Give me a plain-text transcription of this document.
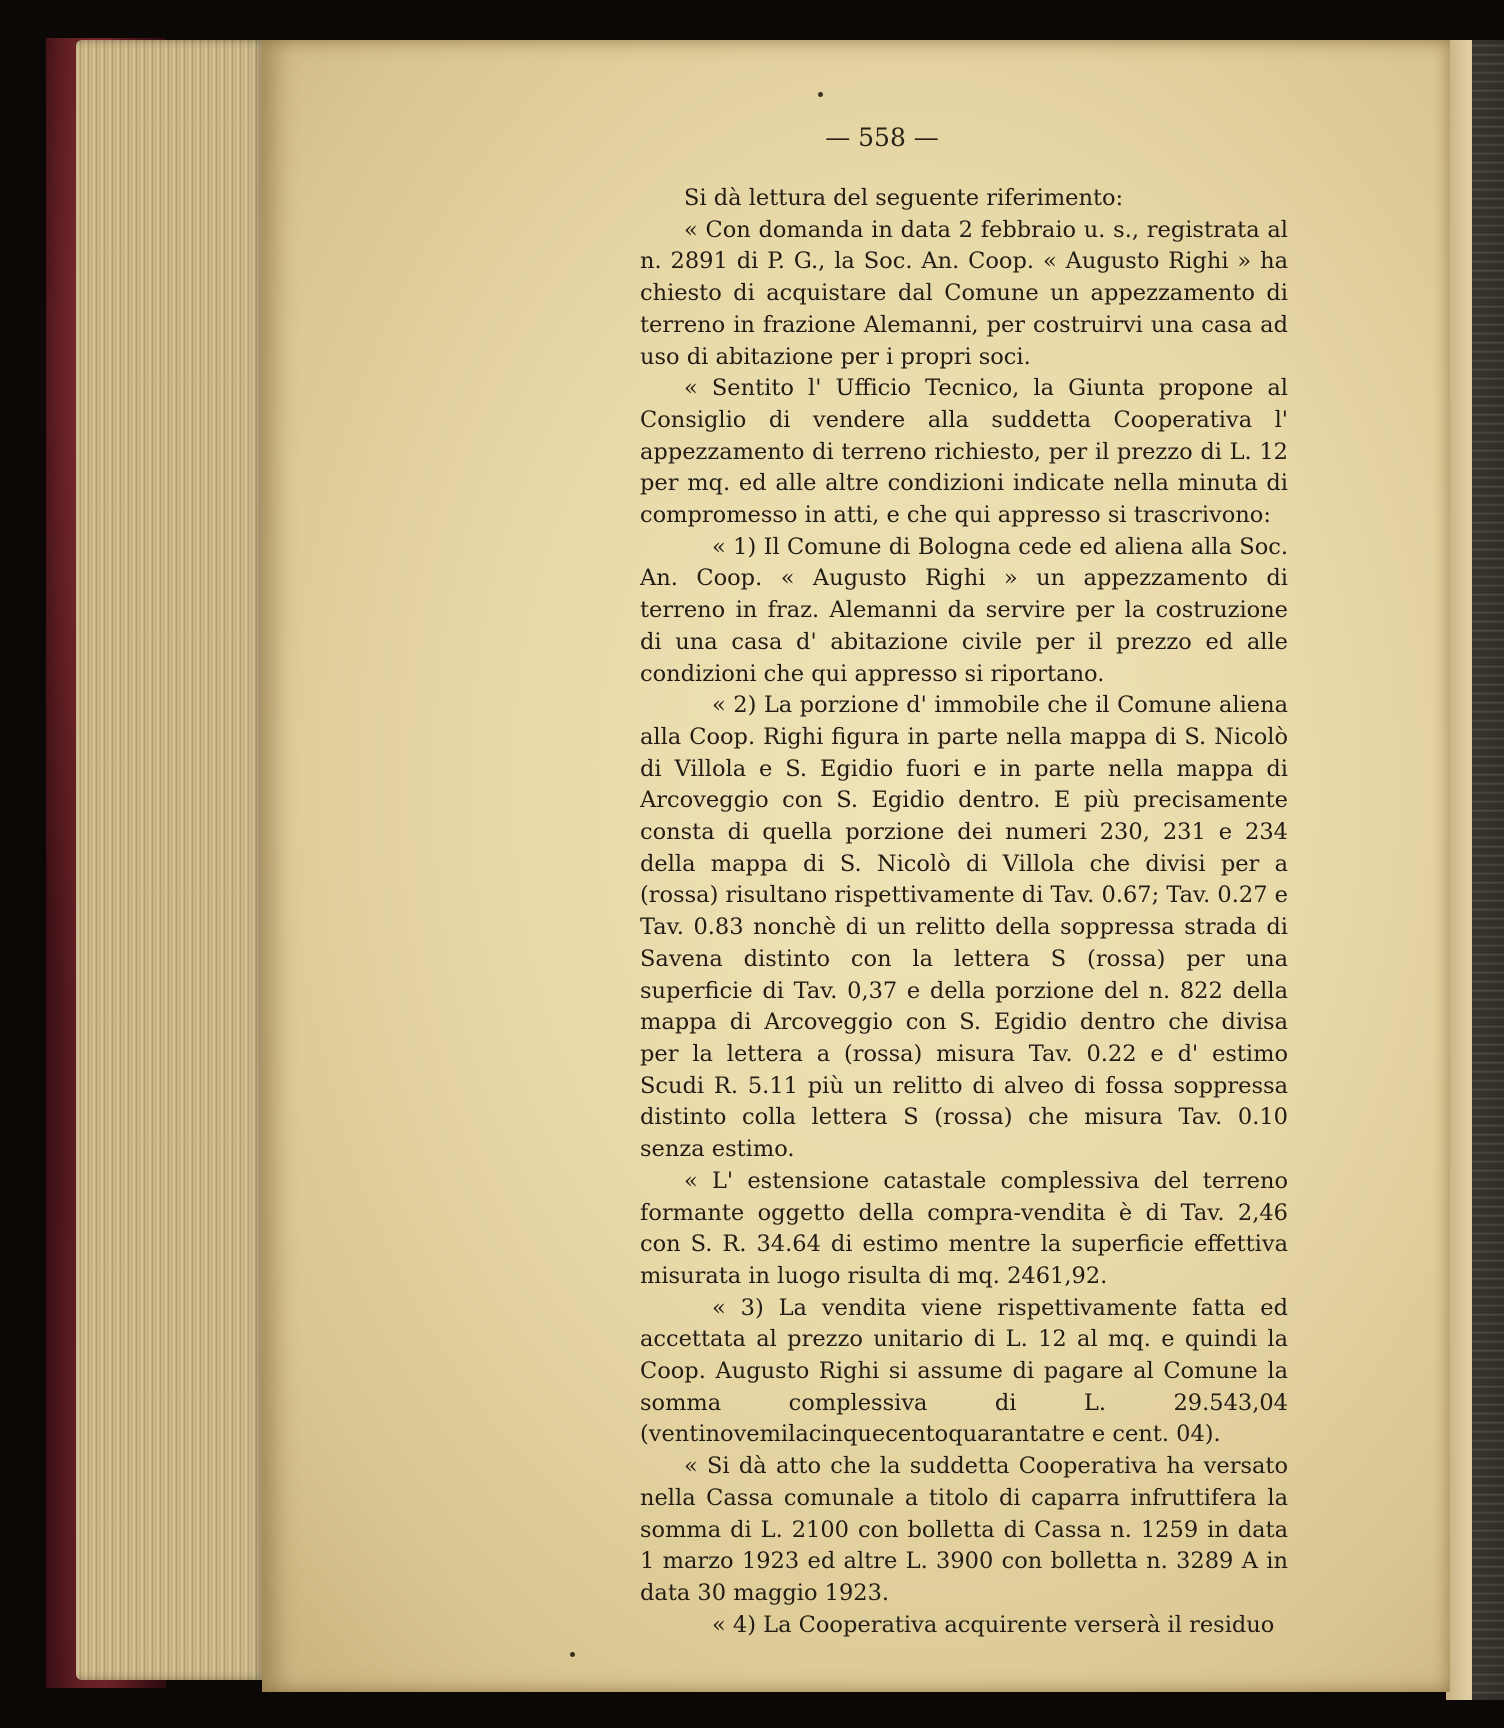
— 558 —

Si dà lettura del seguente riferimento:

« Con domanda in data 2 febbraio u. s., registrata al n. 2891 di P. G., la Soc. An. Coop. « Augusto Righi » ha chiesto di acquistare dal Comune un appezzamento di terreno in frazione Alemanni, per costruirvi una casa ad uso di abitazione per i propri soci.

« Sentito l' Ufficio Tecnico, la Giunta propone al Consiglio di vendere alla suddetta Cooperativa l' appezzamento di terreno richiesto, per il prezzo di L. 12 per mq. ed alle altre condizioni indicate nella minuta di compromesso in atti, e che qui appresso si trascrivono:

« 1) Il Comune di Bologna cede ed aliena alla Soc. An. Coop. « Augusto Righi » un appezzamento di terreno in fraz. Alemanni da servire per la costruzione di una casa d' abitazione civile per il prezzo ed alle condizioni che qui appresso si riportano.

« 2) La porzione d' immobile che il Comune aliena alla Coop. Righi figura in parte nella mappa di S. Nicolò di Villola e S. Egidio fuori e in parte nella mappa di Arcoveggio con S. Egidio dentro. E più precisamente consta di quella porzione dei numeri 230, 231 e 234 della mappa di S. Nicolò di Villola che divisi per a (rossa) risultano rispettivamente di Tav. 0.67; Tav. 0.27 e Tav. 0.83 nonchè di un relitto della soppressa strada di Savena distinto con la lettera S (rossa) per una superficie di Tav. 0,37 e della porzione del n. 822 della mappa di Arcoveggio con S. Egidio dentro che divisa per la lettera a (rossa) misura Tav. 0.22 e d' estimo Scudi R. 5.11 più un relitto di alveo di fossa soppressa distinto colla lettera S (rossa) che misura Tav. 0.10 senza estimo.

« L' estensione catastale complessiva del terreno formante oggetto della compra-vendita è di Tav. 2,46 con S. R. 34.64 di estimo mentre la superficie effettiva misurata in luogo risulta di mq. 2461,92.

« 3) La vendita viene rispettivamente fatta ed accettata al prezzo unitario di L. 12 al mq. e quindi la Coop. Augusto Righi si assume di pagare al Comune la somma complessiva di L. 29.543,04 (ventinovemilacinquecentoquarantatre e cent. 04).

« Si dà atto che la suddetta Cooperativa ha versato nella Cassa comunale a titolo di caparra infruttifera la somma di L. 2100 con bolletta di Cassa n. 1259 in data 1 marzo 1923 ed altre L. 3900 con bolletta n. 3289 A in data 30 maggio 1923.

« 4) La Cooperativa acquirente verserà il residuo
